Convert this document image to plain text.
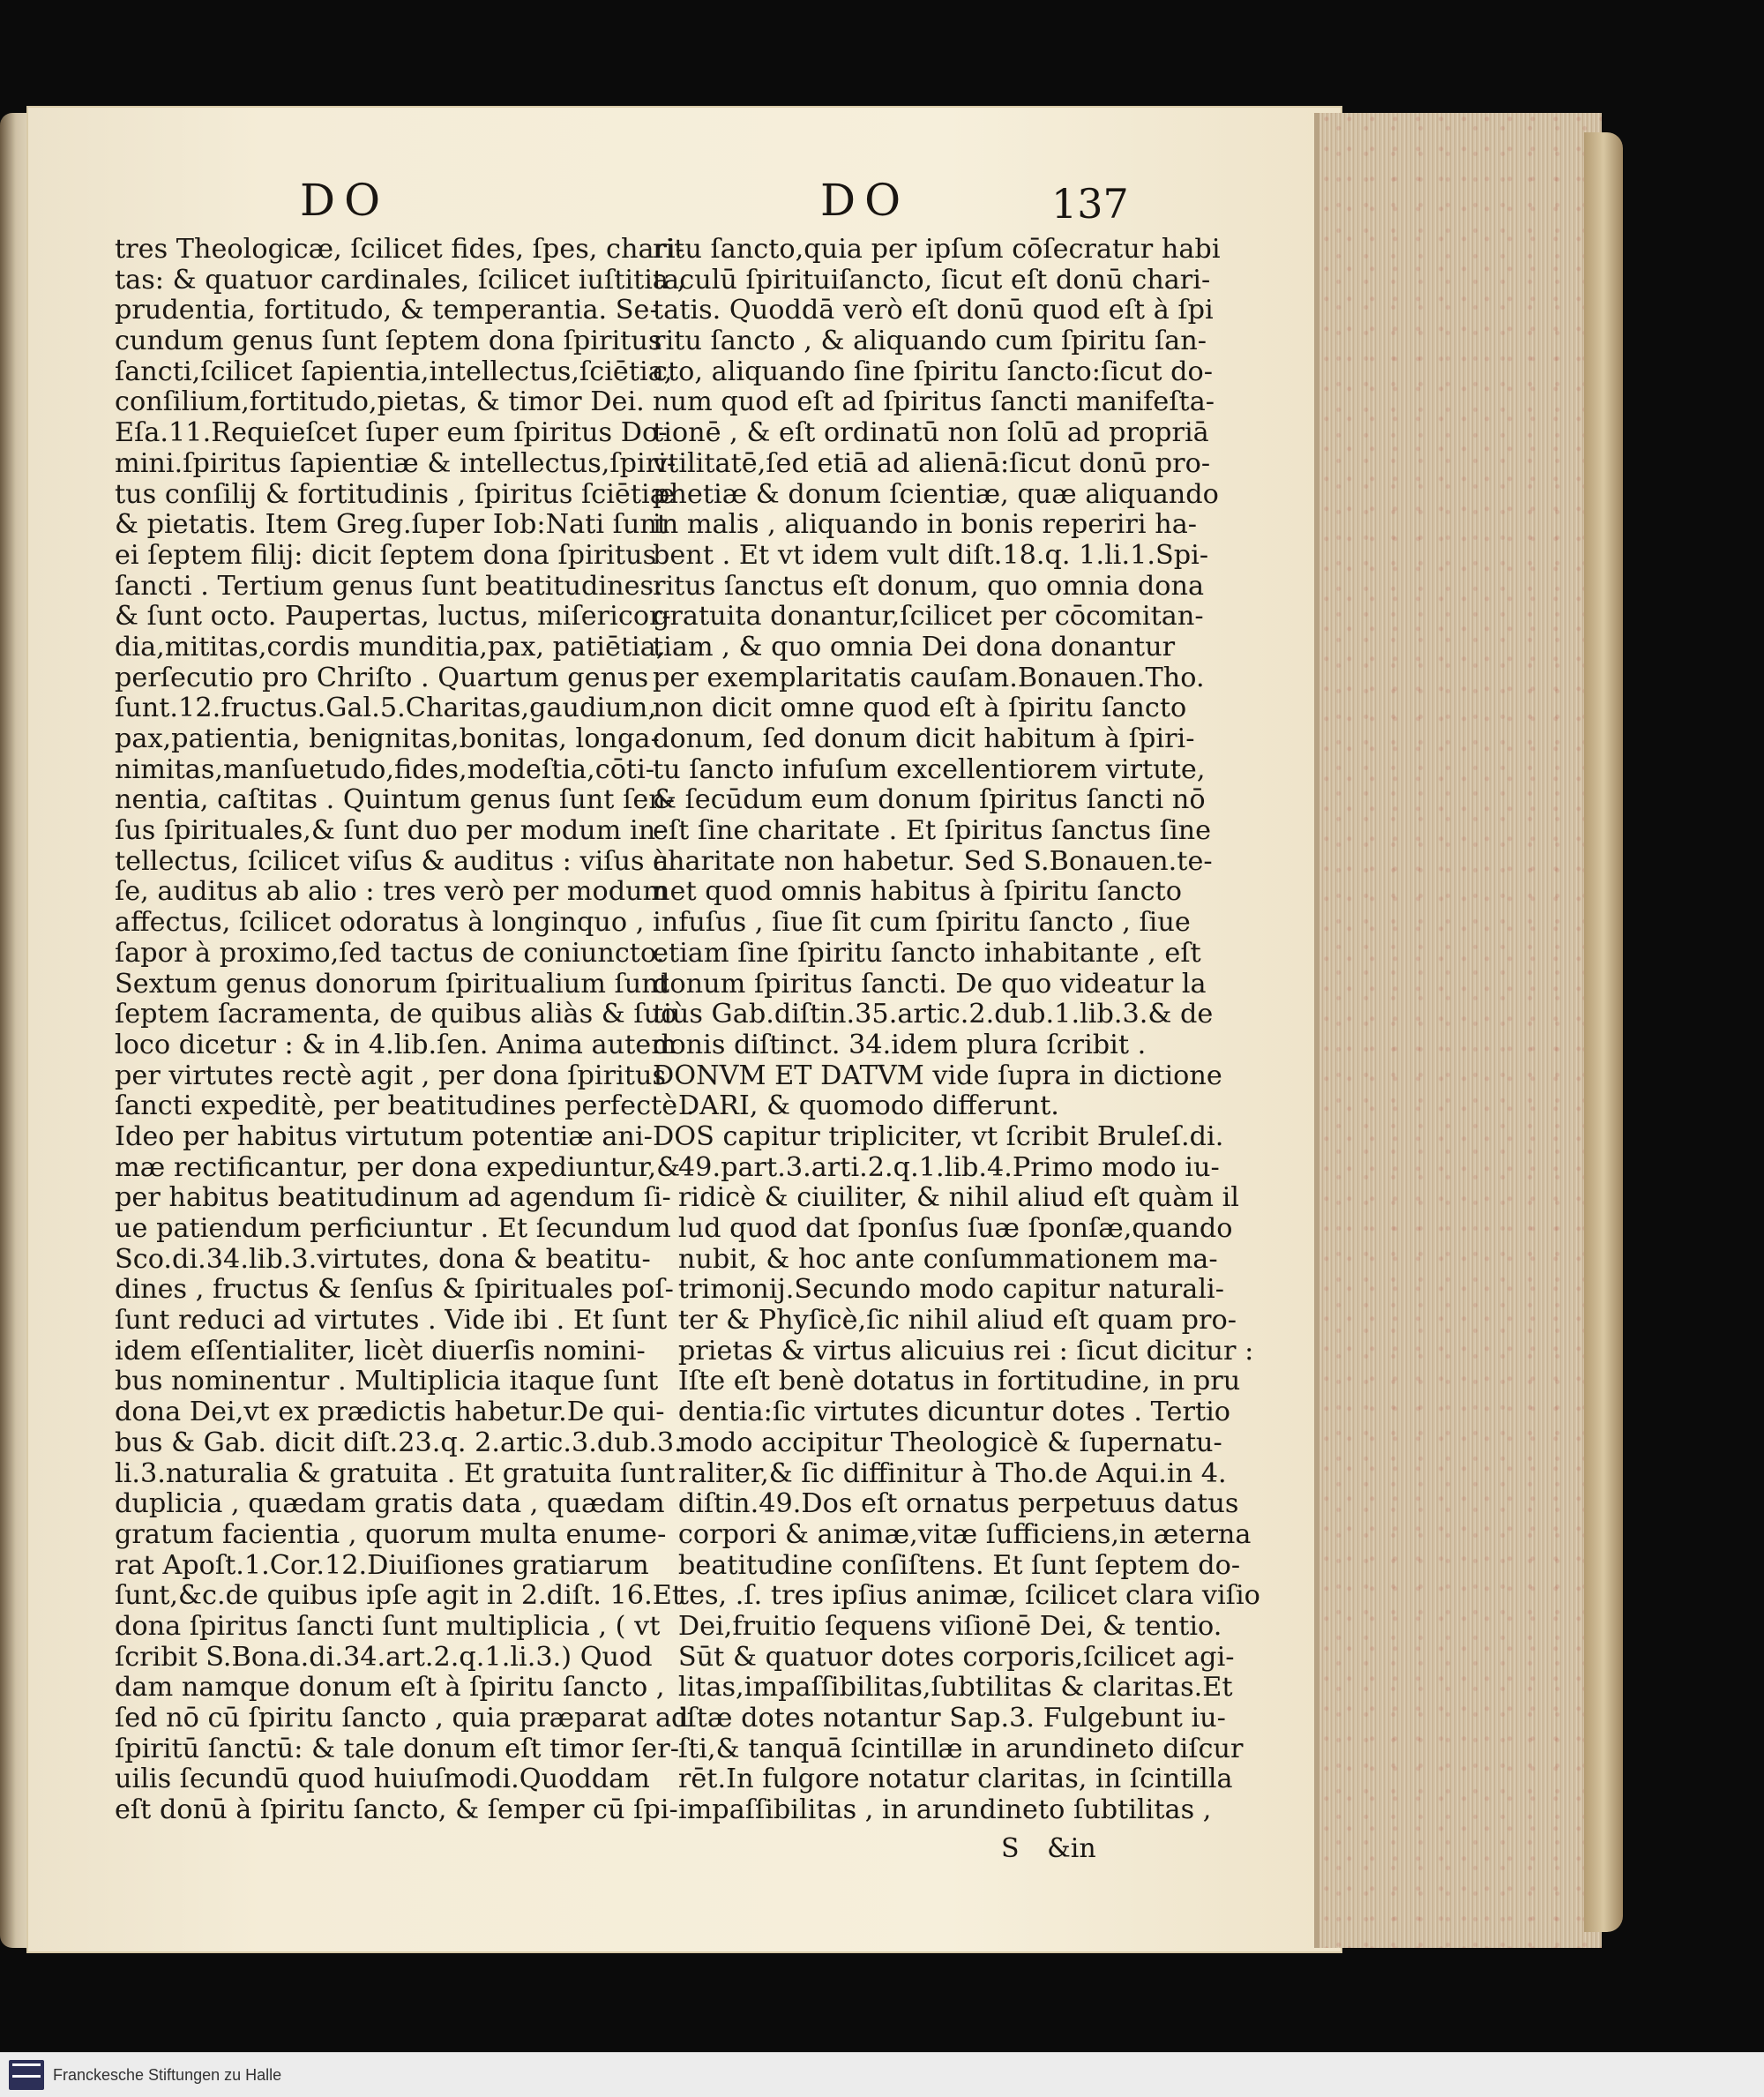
DO	DO	137
tres Theologicæ, ſcilicet fides, ſpes, chari-
tas: & quatuor cardinales, ſcilicet iuſtitia ,
prudentia, fortitudo, & temperantia. Se-
cundum genus ſunt ſeptem dona ſpiritus
ſancti,ſcilicet ſapientia,intellectus,ſciētia,
conſilium,fortitudo,pietas, & timor Dei.
Eſa.11.Requieſcet ſuper eum ſpiritus Do-
mini.ſpiritus ſapientiæ & intellectus,ſpiri-
tus conſilij & fortitudinis , ſpiritus ſciētiæ
& pietatis. Item Greg.ſuper Iob:Nati ſunt
ei ſeptem filij: dicit ſeptem dona ſpiritus
ſancti . Tertium genus ſunt beatitudines:
& ſunt octo. Paupertas, luctus, miſericor-
dia,mititas,cordis munditia,pax, patiētia,
perſecutio pro Chriſto . Quartum genus
ſunt.12.fructus.Gal.5.Charitas,gaudium,
pax,patientia, benignitas,bonitas, longa-
nimitas,manſuetudo,fides,modeſtia,cōti-
nentia, caſtitas . Quintum genus ſunt ſen-
ſus ſpirituales,& ſunt duo per modum in-
tellectus, ſcilicet viſus & auditus : viſus à
ſe, auditus ab alio : tres verò per modum
affectus, ſcilicet odoratus à longinquo ,
ſapor à proximo,ſed tactus de coniuncto.
Sextum genus donorum ſpiritualium ſunt
ſeptem ſacramenta, de quibus aliàs & ſuo
loco dicetur : & in 4.lib.ſen. Anima autem
per virtutes rectè agit , per dona ſpiritus
ſancti expeditè, per beatitudines perfectè .
Ideo per habitus virtutum potentiæ ani-
mæ rectificantur, per dona expediuntur,&
per habitus beatitudinum ad agendum ſi-
ue patiendum perficiuntur . Et ſecundum
Sco.di.34.lib.3.virtutes, dona & beatitu-
dines , fructus & ſenſus & ſpirituales poſ-
ſunt reduci ad virtutes . Vide ibi . Et ſunt
idem eſſentialiter, licèt diuerſis nomini-
bus nominentur . Multiplicia itaque ſunt
dona Dei,vt ex prædictis habetur.De qui-
bus & Gab. dicit diſt.23.q. 2.artic.3.dub.3.
li.3.naturalia & gratuita . Et gratuita ſunt
duplicia , quædam gratis data , quædam
gratum facientia , quorum multa enume-
rat Apoſt.1.Cor.12.Diuiſiones gratiarum
ſunt,&c.de quibus ipſe agit in 2.diſt. 16.Et
dona ſpiritus ſancti ſunt multiplicia , ( vt
ſcribit S.Bona.di.34.art.2.q.1.li.3.) Quod
dam namque donum eſt à ſpiritu ſancto ,
ſed nō cū ſpiritu ſancto , quia præparat ad
ſpiritū ſanctū: & tale donum eſt timor ſer-
uilis ſecundū quod huiuſmodi.Quoddam
eſt donū à ſpiritu ſancto, & ſemper cū ſpi-
ritu ſancto,quia per ipſum cōſecratur habi
taculū ſpirituiſancto, ſicut eſt donū chari-
tatis. Quoddā verò eſt donū quod eſt à ſpi
ritu ſancto , & aliquando cum ſpiritu ſan-
cto, aliquando ſine ſpiritu ſancto:ſicut do-
num quod eſt ad ſpiritus ſancti manifeſta-
tionē , & eſt ordinatū non ſolū ad propriā
vtilitatē,ſed etiā ad alienā:ſicut donū pro-
phetiæ & donum ſcientiæ, quæ aliquando
in malis , aliquando in bonis reperiri ha-
bent . Et vt idem vult diſt.18.q. 1.li.1.Spi-
ritus ſanctus eſt donum, quo omnia dona
gratuita donantur,ſcilicet per cōcomitan-
tiam , & quo omnia Dei dona donantur
per exemplaritatis cauſam.Bonauen.Tho.
non dicit omne quod eſt à ſpiritu ſancto
donum, ſed donum dicit habitum à ſpiri-
tu ſancto infuſum excellentiorem virtute,
& ſecūdum eum donum ſpiritus ſancti nō
eſt ſine charitate . Et ſpiritus ſanctus ſine
charitate non habetur. Sed S.Bonauen.te-
net quod omnis habitus à ſpiritu ſancto
infuſus , ſiue ſit cum ſpiritu ſancto , ſiue
etiam ſine ſpiritu ſancto inhabitante , eſt
donum ſpiritus ſancti. De quo videatur la
tiùs Gab.diſtin.35.artic.2.dub.1.lib.3.& de
donis diſtinct. 34.idem plura ſcribit .
DONVM ET DATVM vide ſupra in dictione
DARI, & quomodo differunt.
DOS capitur tripliciter, vt ſcribit Bruleſ.di.
49.part.3.arti.2.q.1.lib.4.Primo modo iu-
ridicè & ciuiliter, & nihil aliud eſt quàm il
lud quod dat ſponſus ſuæ ſponſæ,quando
nubit, & hoc ante conſummationem ma-
trimonij.Secundo modo capitur naturali-
ter & Phyſicè,ſic nihil aliud eſt quam pro-
prietas & virtus alicuius rei : ſicut dicitur :
Iſte eſt benè dotatus in fortitudine, in pru
dentia:ſic virtutes dicuntur dotes . Tertio
modo accipitur Theologicè & ſupernatu-
raliter,& ſic diffinitur à Tho.de Aqui.in 4.
diſtin.49.Dos eſt ornatus perpetuus datus
corpori & animæ,vitæ ſufficiens,in æterna
beatitudine conſiſtens. Et ſunt ſeptem do-
tes, .ſ. tres ipſius animæ, ſcilicet clara viſio
Dei,fruitio ſequens viſionē Dei, & tentio.
Sūt & quatuor dotes corporis,ſcilicet agi-
litas,impaſſibilitas,ſubtilitas & claritas.Et
iſtæ dotes notantur Sap.3. Fulgebunt iu-
ſti,& tanquā ſcintillæ in arundineto diſcur
rēt.In fulgore notatur claritas, in ſcintilla
impaſſibilitas , in arundineto ſubtilitas ,
S &in
Franckesche Stiftungen zu Halle
